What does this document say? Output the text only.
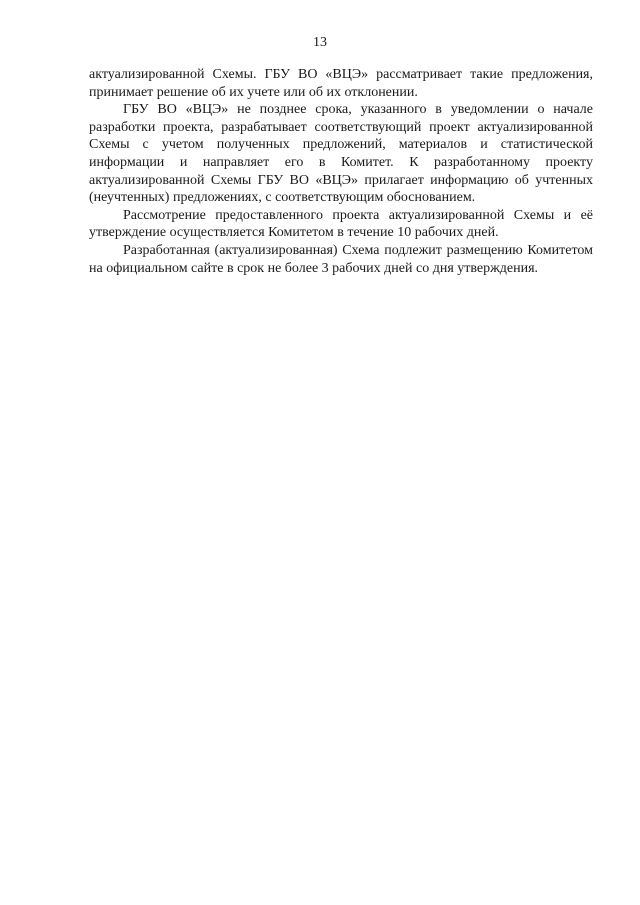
13

актуализированной Схемы. ГБУ ВО «ВЦЭ» рассматривает такие предложения, принимает решение об их учете или об их отклонении.

ГБУ ВО «ВЦЭ» не позднее срока, указанного в уведомлении о начале разработки проекта, разрабатывает соответствующий проект актуализированной Схемы с учетом полученных предложений, материалов и статистической информации и направляет его в Комитет. К разработанному проекту актуализированной Схемы ГБУ ВО «ВЦЭ» прилагает информацию об учтенных (неучтенных) предложениях, с соответствующим обоснованием.

Рассмотрение предоставленного проекта актуализированной Схемы и её утверждение осуществляется Комитетом в течение 10 рабочих дней.

Разработанная (актуализированная) Схема подлежит размещению Комитетом на официальном сайте в срок не более 3 рабочих дней со дня утверждения.
